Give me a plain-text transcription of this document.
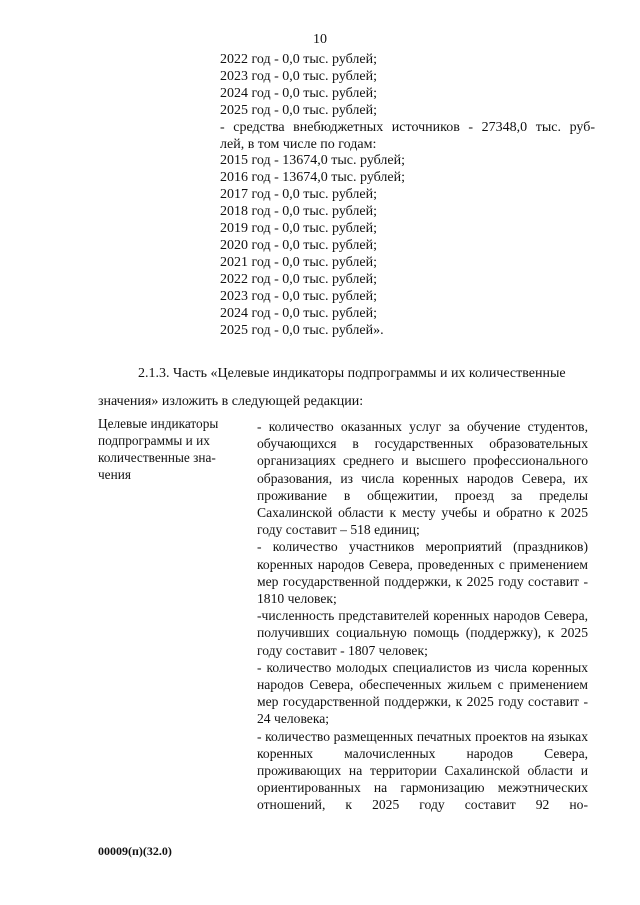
10
2022 год - 0,0 тыс. рублей;
2023 год - 0,0 тыс. рублей;
2024 год - 0,0 тыс. рублей;
2025 год - 0,0 тыс. рублей;
- средства внебюджетных источников - 27348,0 тыс. руб-
лей, в том числе по годам:
2015 год - 13674,0 тыс. рублей;
2016 год - 13674,0 тыс. рублей;
2017 год - 0,0 тыс. рублей;
2018 год - 0,0 тыс. рублей;
2019 год - 0,0 тыс. рублей;
2020 год - 0,0 тыс. рублей;
2021 год - 0,0 тыс. рублей;
2022 год - 0,0 тыс. рублей;
2023 год - 0,0 тыс. рублей;
2024 год - 0,0 тыс. рублей;
2025 год - 0,0 тыс. рублей».
2.1.3. Часть «Целевые индикаторы подпрограммы и их количественные
значения» изложить в следующей редакции:
Целевые индикаторы подпрограммы и их количественные зна-чения

- количество оказанных услуг за обучение студентов, обучающихся в государственных образовательных организациях среднего и высшего профессионального образования, из числа коренных народов Севера, их проживание в общежитии, проезд за пределы Сахалинской области к месту учебы и обратно к 2025 году составит – 518 единиц;

- количество участников мероприятий (праздников) коренных народов Севера, проведенных с применением мер государственной поддержки, к 2025 году составит - 1810 человек;

-численность представителей коренных народов Севера, получивших социальную помощь (поддержку), к 2025 году составит - 1807 человек;

- количество молодых специалистов из числа коренных народов Севера, обеспеченных жильем с применением мер государственной поддержки, к 2025 году составит - 24 человека;

- количество размещенных печатных проектов на языках коренных малочисленных народов Севера, проживающих на территории Сахалинской области и ориентированных на гармонизацию межэтнических отношений, к 2025 году составит 92 но-

00009(п)(32.0)
